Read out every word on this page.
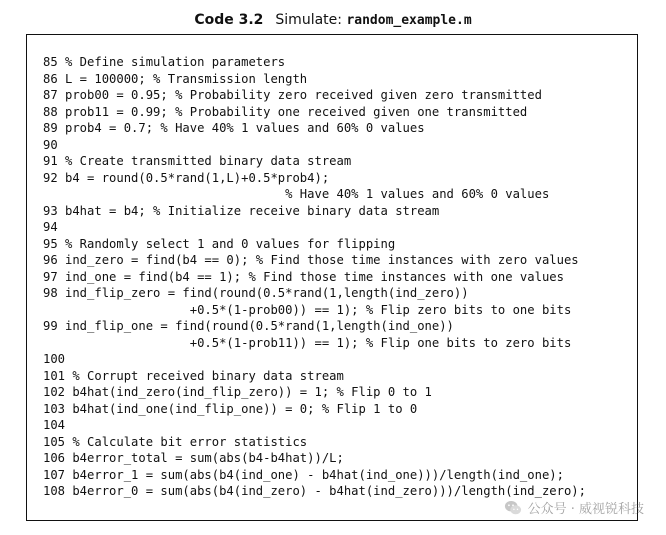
Code 3.2 Simulate: random_example.m
85 % Define simulation parameters
86 L = 100000; % Transmission length
87 prob00 = 0.95; % Probability zero received given zero transmitted
88 prob11 = 0.99; % Probability one received given one transmitted
89 prob4 = 0.7; % Have 40% 1 values and 60% 0 values
90
91 % Create transmitted binary data stream
92 b4 = round(0.5*rand(1,L)+0.5*prob4);
% Have 40% 1 values and 60% 0 values
93 b4hat = b4; % Initialize receive binary data stream
94
95 % Randomly select 1 and 0 values for flipping
96 ind_zero = find(b4 == 0); % Find those time instances with zero values
97 ind_one = find(b4 == 1); % Find those time instances with one values
98 ind_flip_zero = find(round(0.5*rand(1,length(ind_zero))
+0.5*(1-prob00)) == 1); % Flip zero bits to one bits
99 ind_flip_one = find(round(0.5*rand(1,length(ind_one))
+0.5*(1-prob11)) == 1); % Flip one bits to zero bits
100
101 % Corrupt received binary data stream
102 b4hat(ind_zero(ind_flip_zero)) = 1; % Flip 0 to 1
103 b4hat(ind_one(ind_flip_one)) = 0; % Flip 1 to 0
104
105 % Calculate bit error statistics
106 b4error_total = sum(abs(b4-b4hat))/L;
107 b4error_1 = sum(abs(b4(ind_one) - b4hat(ind_one)))/length(ind_one);
108 b4error_0 = sum(abs(b4(ind_zero) - b4hat(ind_zero)))/length(ind_zero);
公众号 · 威视锐科技
